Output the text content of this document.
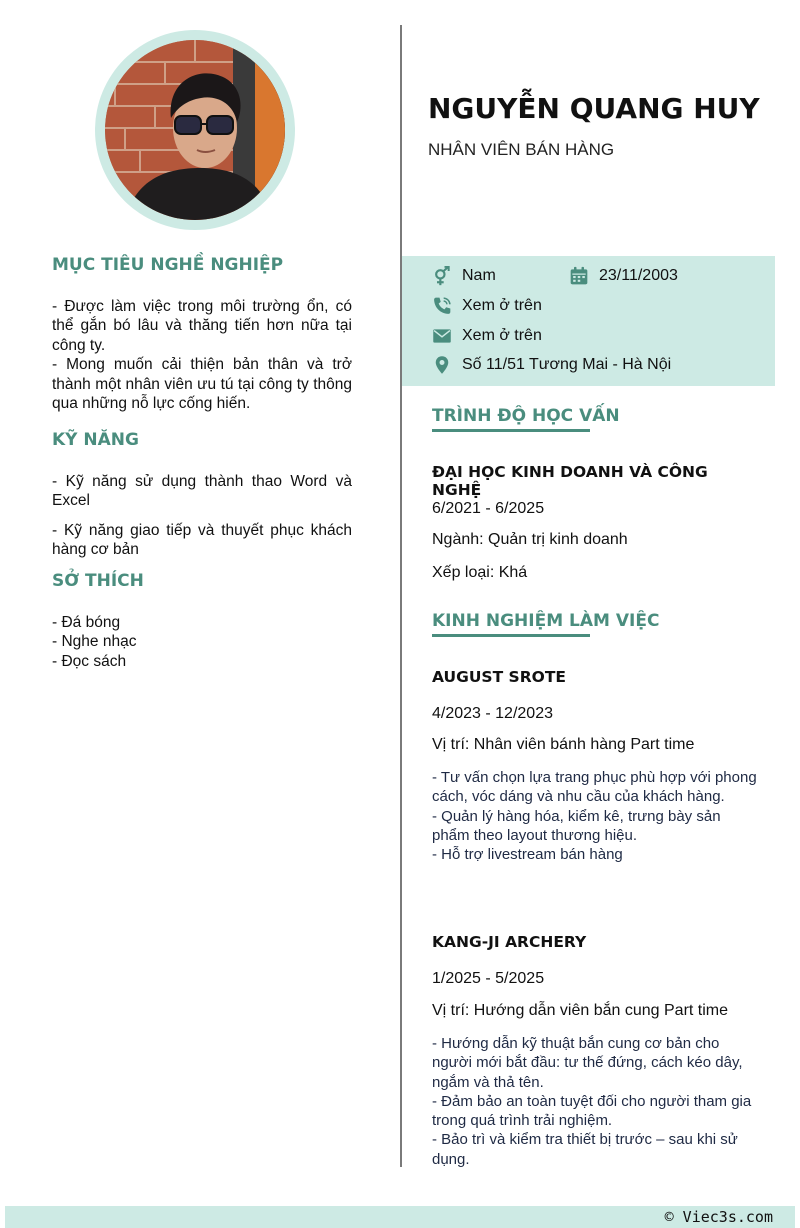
MỤC TIÊU NGHỀ NGHIỆP
- Được làm việc trong môi trường ổn, có thể gắn bó lâu và thăng tiến hơn nữa tại công ty.
- Mong muốn cải thiện bản thân và trở thành một nhân viên ưu tú tại công ty thông qua những nỗ lực cống hiến.
KỸ NĂNG
- Kỹ năng sử dụng thành thao Word và Excel
- Kỹ năng giao tiếp và thuyết phục khách hàng cơ bản
SỞ THÍCH
- Đá bóng
- Nghe nhạc
- Đọc sách
NGUYỄN QUANG HUY
NHÂN VIÊN BÁN HÀNG
Nam	23/11/2003
Xem ở trên
Xem ở trên
Số 11/51 Tương Mai - Hà Nội
TRÌNH ĐỘ HỌC VẤN
ĐẠI HỌC KINH DOANH VÀ CÔNG NGHỆ
6/2021 - 6/2025
Ngành: Quản trị kinh doanh
Xếp loại: Khá
KINH NGHIỆM LÀM VIỆC
AUGUST SROTE
4/2023 - 12/2023
Vị trí: Nhân viên bánh hàng Part time
- Tư vấn chọn lựa trang phục phù hợp với phong cách, vóc dáng và nhu cầu của khách hàng.
- Quản lý hàng hóa, kiểm kê, trưng bày sản phẩm theo layout thương hiệu.
- Hỗ trợ livestream bán hàng
KANG-JI ARCHERY
1/2025 - 5/2025
Vị trí: Hướng dẫn viên bắn cung Part time
- Hướng dẫn kỹ thuật bắn cung cơ bản cho người mới bắt đầu: tư thế đứng, cách kéo dây, ngắm và thả tên.
- Đảm bảo an toàn tuyệt đối cho người tham gia trong quá trình trải nghiệm.
- Bảo trì và kiểm tra thiết bị trước – sau khi sử dụng.
© Viec3s.com
